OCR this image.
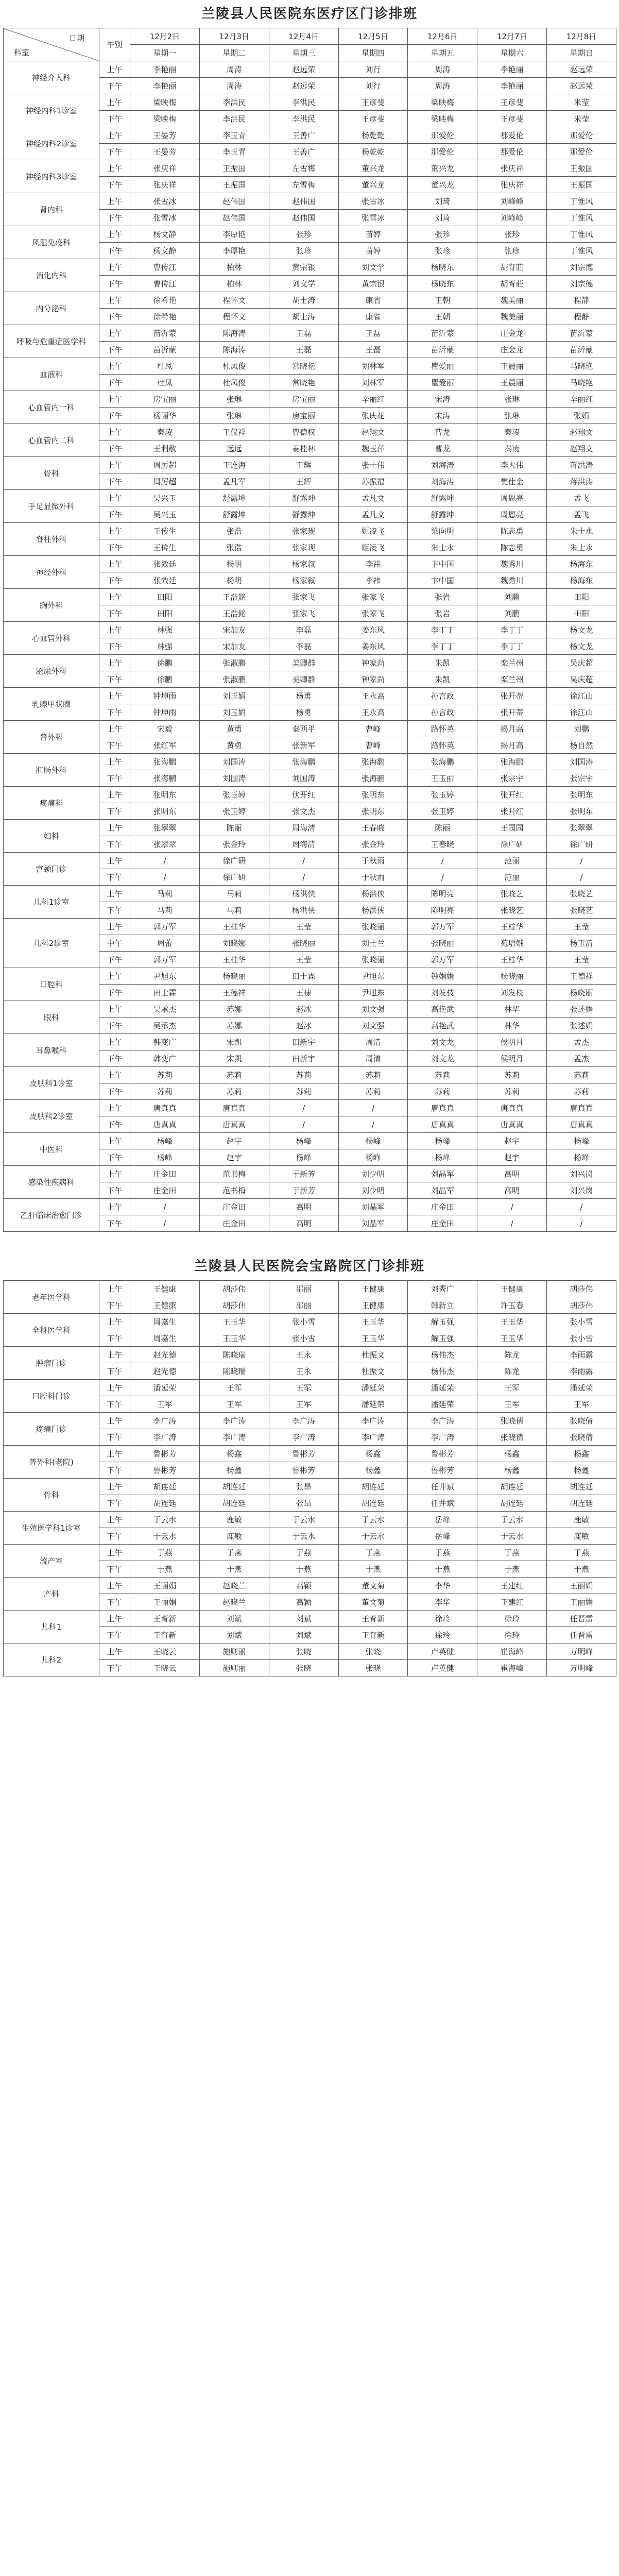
兰陵县人民医院东医疗区门诊排班
日期
科室	午别	12月2日	12月3日	12月4日	12月5日	12月6日	12月7日	12月8日
		星期一	星期二	星期三	星期四	星期五	星期六	星期日
神经介入科	上午	李艳丽	周涛	赵远荣	刘行	周涛	李艳丽	赵远荣
	下午	李艳丽	周涛	赵远荣	刘行	周涛	李艳丽	赵远荣
神经内科1诊室	上午	梁映梅	李洪民	李洪民	王彦斐	梁映梅	王彦斐	米莹
	下午	梁映梅	李洪民	李洪民	王彦斐	梁映梅	王彦斐	米莹
神经内科2诊室	上午	王晏芳	李玉青	王善广	杨乾乾	那爱伦	那爱伦	那爱伦
	下午	王晏芳	李玉青	王善广	杨乾乾	那爱伦	那爱伦	那爱伦
神经内科3诊室	上午	张庆祥	王振国	左雪梅	董兴龙	董兴龙	张庆祥	王振国
	下午	张庆祥	王振国	左雪梅	董兴龙	董兴龙	张庆祥	王振国
肾内科	上午	张雪冰	赵伟国	赵伟国	张雪冰	刘琦	刘峰峰	丁惟风
	下午	张雪冰	赵伟国	赵伟国	张雪冰	刘琦	刘峰峰	丁惟风
风湿免疫科	上午	杨文静	李厚艳	张珍	苗婷	张珍	张珍	丁惟风
	下午	杨文静	李厚艳	张珍	苗婷	张珍	张珍	丁惟风
消化内科	上午	曹传江	柏林	黄宗银	刘文学	杨晓东	胡育莊	刘宗德
	下午	曹传江	柏林	刘文学	黄宗银	杨晓东	胡育莊	刘宗德
内分泌科	上午	徐希艳	程怀文	胡士涛	康省	王朝	魏美丽	程静
	下午	徐希艳	程怀文	胡士涛	康省	王朝	魏美丽	程静
呼吸与危重症医学科	上午	苗沂蒙	陈海涛	王磊	王磊	苗沂蒙	庄金龙	苗沂蒙
	下午	苗沂蒙	陈海涛	王磊	王磊	苗沂蒙	庄金龙	苗沂蒙
血液科	上午	杜凤	杜凤俊	常晓艳	刘林军	瞿爱丽	王晨丽	马晓艳
	下午	杜凤	杜凤俊	常晓艳	刘林军	瞿爱丽	王晨丽	马晓艳
心血管内一科	上午	房宝丽	张琳	房宝丽	辛丽红	宋涛	张琳	辛丽红
	下午	杨丽华	张琳	房宝丽	张庆花	宋涛	张琳	张娟
心血管内二科	上午	秦凌	王仪祥	曹德权	赵翔文	曹龙	秦凌	赵翔文
	下午	王利敬	远远	姜桂林	魏玉萍	曹龙	秦凌	赵翔文
骨科	上午	周厉超	王连海	王辉	张士伟	刘海涛	李大伟	蒋洪涛
	下午	周厉超	孟凡军	王辉	苏振福	刘海涛	樊仕金	蒋洪涛
手足显微外科	上午	吴兴玉	舒露坤	舒露坤	孟凡文	舒露坤	周恩亮	孟飞
	下午	吴兴玉	舒露坤	舒露坤	孟凡文	舒露坤	周恩亮	孟飞
脊柱外科	上午	王传生	张浩	张家现	姬凌飞	梁向明	陈志勇	朱士永
	下午	王传生	张浩	张家现	姬凌飞	朱士永	陈志勇	朱士永
神经外科	上午	张效廷	杨明	杨家叙	李祎	卞中国	魏秀川	杨海东
	下午	张效廷	杨明	杨家叙	李祎	卞中国	魏秀川	杨海东
胸外科	上午	田阳	王浩銘	张家飞	张家飞	张岩	刘鹏	田阳
	下午	田阳	王浩銘	张家飞	张家飞	张岩	刘鹏	田阳
心血管外科	上午	林强	宋加友	李磊	姜东风	李丁丁	李丁丁	杨文龙
	下午	林强	宋加友	李磊	姜东风	李丁丁	李丁丁	杨文龙
泌尿外科	上午	徐鹏	张淑鹏	美卿群	钟家尚	朱凯	栾兰州	吴庆超
	下午	徐鹏	张淑鹏	美卿群	钟家尚	朱凯	栾兰州	吴庆超
乳腺甲状腺	上午	钟坤雨	刘玉娟	杨勇	王永高	孙言政	张开蒂	徐江山
	下午	钟坤雨	刘玉娟	杨勇	王永高	孙言政	张开蒂	徐江山
普外科	上午	宋毅	黄勇	秦西平	曹峰	路怀英	揭月高	刘鹏
	下午	张红军	黄勇	张新军	曹峰	路怀英	揭月高	杨自然
肛肠外科	上午	张海鹏	刘国涛	张海鹏	张海鹏	张海鹏	张海鹏	刘国涛
	下午	张海鹏	刘国涛	刘国涛	张海鹏	王玉丽	张宗宇	张宗宇
疼痛科	上午	张明东	张玉婷	伏开红	张明东	张玉婷	张开红	张明东
	下午	张明东	张玉婷	张文杰	张明东	张玉婷	张开红	张明东
妇科	上午	张翠翠	陈丽	周海清	王春晓	陈丽	王园园	张翠翠
	下午	张翠翠	张金玲	周海清	张金玲	王春晓	徐广研	徐广研
宫颈门诊	上午	/	徐广研	/	于秋雨	/	范丽	/
	下午	/	徐广研	/	于秋雨	/	范丽	/
儿科1诊室	上午	马莉	马莉	杨洪侠	杨洪侠	陈明亮	张晓艺	张晓艺
	下午	马莉	马莉	杨洪侠	杨洪侠	陈明亮	张晓艺	张晓艺
儿科2诊室	上午	郭万军	王桂华	王莹	张晓丽	郭万军	王桂华	王莹
	中午	周蕾	刘晓娜	张晓丽	刘士兰	张晓丽	苑增娥	杨玉清
	下午	郭万军	王桂华	王莹	张晓丽	郭万军	王桂华	王莹
口腔科	上午	尹旭东	杨晓丽	田士霖	尹旭东	钟娟娟	杨晓丽	王德祥
	下午	田士霖	王德祥	王棣	尹旭东	刘发枝	刘发枝	杨晓丽
眼科	上午	吴承杰	苏娜	赵冰	刘文强	高艳武	林华	张述娟
	下午	吴承杰	苏娜	赵冰	刘文强	高艳武	林华	张述娟
耳鼻喉科	上午	韩变广	宋凯	田新宇	周清	刘文龙	侯明月	孟杰
	下午	韩变广	宋凯	田新宇	周清	刘文龙	侯明月	孟杰
皮肤科1诊室	上午	苏莉	苏莉	苏莉	苏莉	苏莉	苏莉	苏莉
	下午	苏莉	苏莉	苏莉	苏莉	苏莉	苏莉	苏莉
皮肤科2诊室	上午	唐真真	唐真真	/	/	唐真真	唐真真	唐真真
	下午	唐真真	唐真真	/	/	唐真真	唐真真	唐真真
中医科	上午	杨峰	赵宇	杨峰	杨峰	杨峰	赵宇	杨峰
	下午	杨峰	赵宇	杨峰	杨峰	杨峰	赵宇	杨峰
感染性疾病科	上午	庄金田	范书梅	于新芳	刘少明	刘晶军	高明	刘兴岗
	下午	庄金田	范书梅	于新芳	刘少明	刘晶军	高明	刘兴岗
乙肝临床治愈门诊	上午	/	庄金田	高明	刘晶军	庄金田	/	/
	下午	/	庄金田	高明	刘晶军	庄金田	/	/
兰陵县人民医院会宝路院区门诊排班
老年医学科	上午	王健康	胡莎伟	邵丽	王健康	刘秀广	王健康	胡莎伟
	下午	王健康	胡莎伟	邵丽	王健康	韩新立	许玉春	胡莎伟
全科医学科	上午	周嘉生	王玉华	张小雪	王玉华	解玉强	王玉华	张小雪
	下午	周嘉生	王玉华	张小雪	王玉华	解玉强	王玉华	张小雪
肿瘤门诊	上午	赵光德	陈晓瑞	王永	杜振文	杨伟杰	陈龙	李雨露
	下午	赵光德	陈晓瑞	王永	杜振文	杨伟杰	陈龙	李雨露
口腔科门诊	上午	潘延荣	王军	王军	潘延荣	潘延荣	王军	潘延荣
	下午	王军	王军	王军	潘延荣	潘延荣	王军	王军
疼痛门诊	上午	李广涛	李广涛	李广涛	李广涛	李广涛	张晓倩	张晓倩
	下午	李广涛	李广涛	李广涛	李广涛	李广涛	张晓倩	张晓倩
普外科(老院)	上午	鲁彬芳	杨鑫	鲁彬芳	杨鑫	鲁彬芳	杨鑫	杨鑫
	下午	鲁彬芳	杨鑫	鲁彬芳	杨鑫	鲁彬芳	杨鑫	杨鑫
骨科	上午	胡连廷	胡连廷	张昂	胡连廷	任井斌	胡连廷	胡连廷
	下午	胡连廷	胡连廷	张昂	胡连廷	任井斌	胡连廷	胡连廷
生殖医学科1诊室	上午	于云水	鹿敏	于云水	于云水	岳峰	于云水	鹿敏
	下午	于云水	鹿敏	于云水	于云水	岳峰	于云水	鹿敏
流产室	上午	于燕	于燕	于燕	于燕	于燕	于燕	于燕
	下午	于燕	于燕	于燕	于燕	于燕	于燕	于燕
产科	上午	王丽娟	赵晓兰	高颖	董文菊	李华	王建红	王丽娟
	下午	王丽娟	赵晓兰	高颖	董文菊	李华	王建红	王丽娟
儿科1	上午	王育新	刘斌	刘斌	王育新	徐玲	徐玲	任晋雷
	下午	王育新	刘斌	刘斌	王育新	徐玲	徐玲	任晋雷
儿科2	上午	王晓云	施则丽	张晓	张晓	卢英健	崔海峰	万明峰
	下午	王晓云	施则丽	张晓	张晓	卢英健	崔海峰	万明峰
